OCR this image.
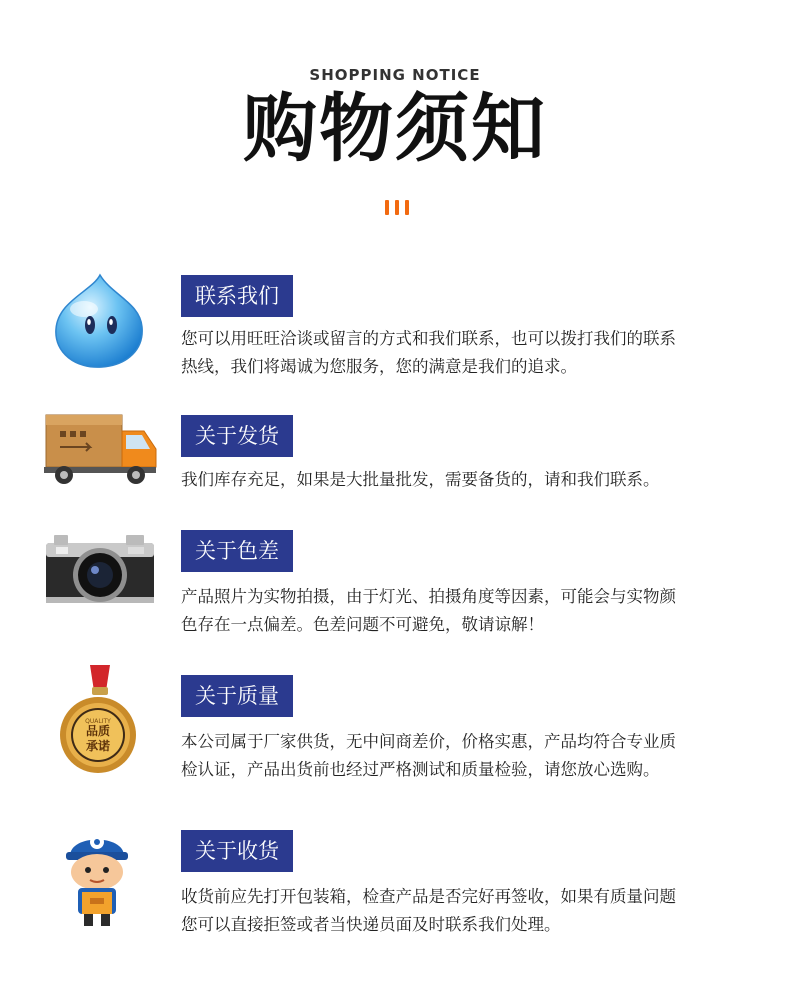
SHOPPING NOTICE
购物须知
联系我们
您可以用旺旺洽谈或留言的方式和我们联系，也可以拨打我们的联系
热线，我们将竭诚为您服务，您的满意是我们的追求。
关于发货
我们库存充足，如果是大批量批发，需要备货的，请和我们联系。
关于色差
产品照片为实物拍摄，由于灯光、拍摄角度等因素，可能会与实物颜
色存在一点偏差。色差问题不可避免，敬请谅解！
QUALITY
品质
承诺
关于质量
本公司属于厂家供货，无中间商差价，价格实惠，产品均符合专业质
检认证，产品出货前也经过严格测试和质量检验，请您放心选购。
关于收货
收货前应先打开包装箱，检查产品是否完好再签收，如果有质量问题
您可以直接拒签或者当快递员面及时联系我们处理。
